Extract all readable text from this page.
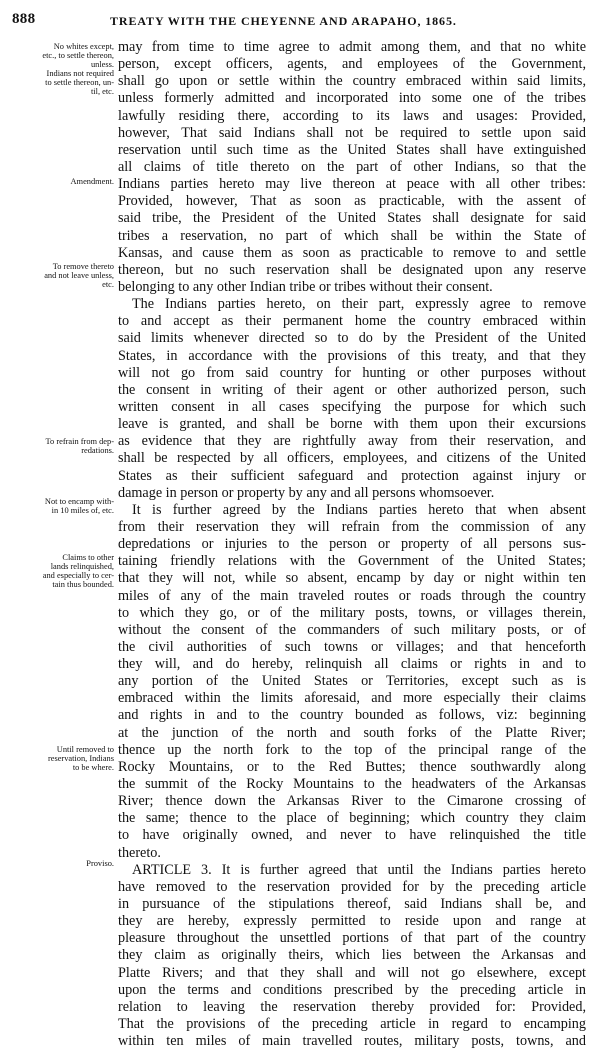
888	TREATY WITH THE CHEYENNE AND ARAPAHO, 1865.
No whites except,
etc., to settle thereon,
unless.
Indians not required
to settle thereon, un-
til, etc.
Amendment.
To remove thereto
and not leave unless,
etc.
To refrain from dep-
redations.
Not to encamp with-
in 10 miles of, etc.
Claims to other
lands relinquished,
and especially to cer-
tain thus bounded.
Until removed to
reservation, Indians
to be where.
Proviso.
may from time to time agree to admit among them, and that no white
person, except officers, agents, and employees of the Government,
shall go upon or settle within the country embraced within said limits,
unless formerly admitted and incorporated into some one of the tribes
lawfully residing there, according to its laws and usages: Provided,
however, That said Indians shall not be required to settle upon said
reservation until such time as the United States shall have extinguished
all claims of title thereto on the part of other Indians, so that the
Indians parties hereto may live thereon at peace with all other tribes:
Provided, however, That as soon as practicable, with the assent of
said tribe, the President of the United States shall designate for said
tribes a reservation, no part of which shall be within the State of
Kansas, and cause them as soon as practicable to remove to and settle
thereon, but no such reservation shall be designated upon any reserve
belonging to any other Indian tribe or tribes without their consent.
The Indians parties hereto, on their part, expressly agree to remove
to and accept as their permanent home the country embraced within
said limits whenever directed so to do by the President of the United
States, in accordance with the provisions of this treaty, and that they
will not go from said country for hunting or other purposes without
the consent in writing of their agent or other authorized person, such
written consent in all cases specifying the purpose for which such
leave is granted, and shall be borne with them upon their excursions
as evidence that they are rightfully away from their reservation, and
shall be respected by all officers, employees, and citizens of the United
States as their sufficient safeguard and protection against injury or
damage in person or property by any and all persons whomsoever.
It is further agreed by the Indians parties hereto that when absent
from their reservation they will refrain from the commission of any
depredations or injuries to the person or property of all persons sus-
taining friendly relations with the Government of the United States;
that they will not, while so absent, encamp by day or night within ten
miles of any of the main traveled routes or roads through the country
to which they go, or of the military posts, towns, or villages therein,
without the consent of the commanders of such military posts, or of
the civil authorities of such towns or villages; and that henceforth
they will, and do hereby, relinquish all claims or rights in and to
any portion of the United States or Territories, except such as is
embraced within the limits aforesaid, and more especially their claims
and rights in and to the country bounded as follows, viz: beginning
at the junction of the north and south forks of the Platte River;
thence up the north fork to the top of the principal range of the
Rocky Mountains, or to the Red Buttes; thence southwardly along
the summit of the Rocky Mountains to the headwaters of the Arkansas
River; thence down the Arkansas River to the Cimarone crossing of
the same; thence to the place of beginning; which country they claim
to have originally owned, and never to have relinquished the title
thereto.
ARTICLE 3. It is further agreed that until the Indians parties hereto
have removed to the reservation provided for by the preceding article
in pursuance of the stipulations thereof, said Indians shall be, and
they are hereby, expressly permitted to reside upon and range at
pleasure throughout the unsettled portions of that part of the country
they claim as originally theirs, which lies between the Arkansas and
Platte Rivers; and that they shall and will not go elsewhere, except
upon the terms and conditions prescribed by the preceding article in
relation to leaving the reservation thereby provided for: Provided,
That the provisions of the preceding article in regard to encamping
within ten miles of main travelled routes, military posts, towns, and
